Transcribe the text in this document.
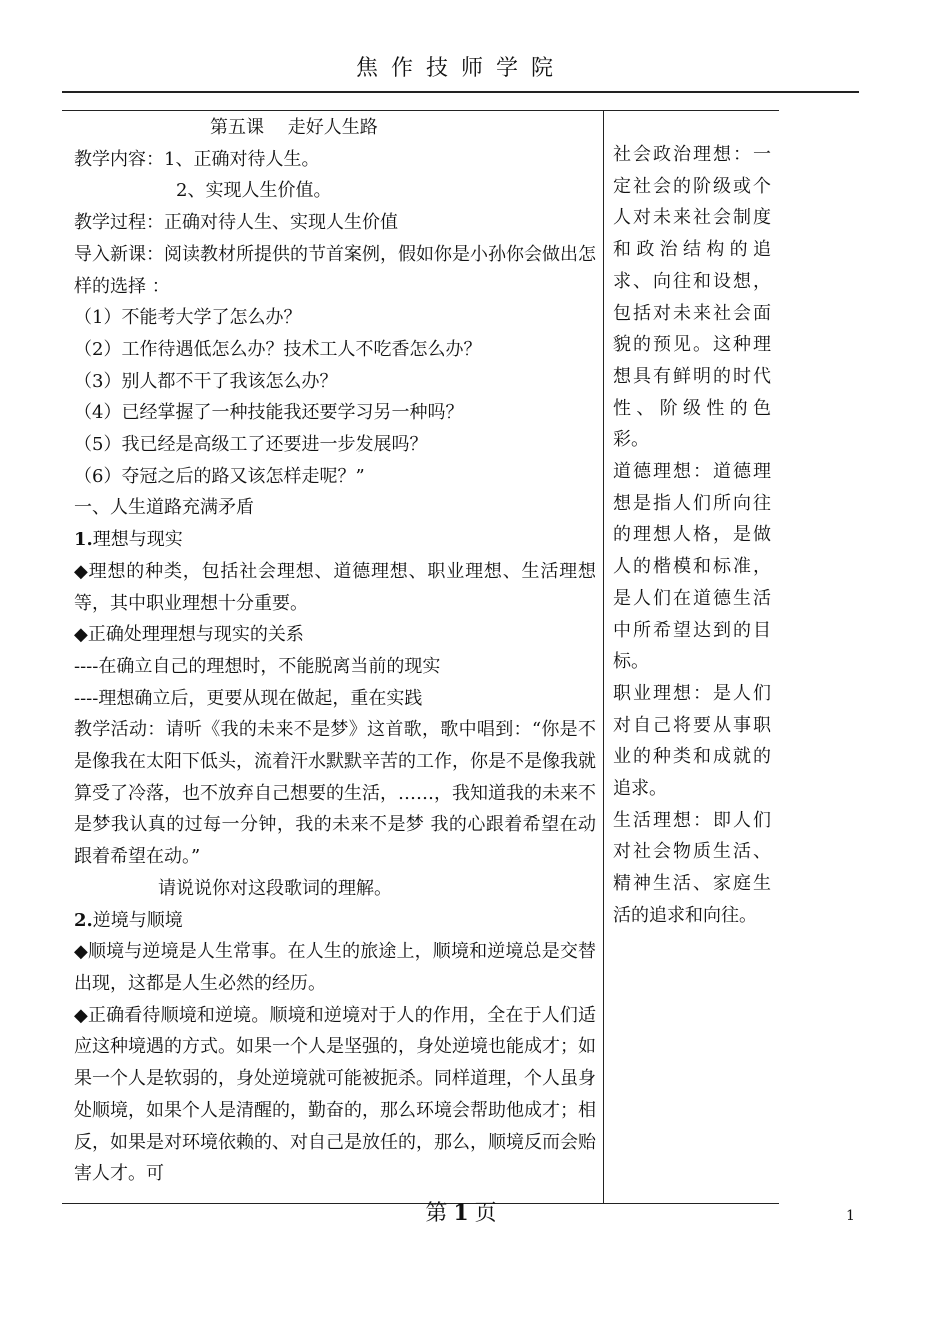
焦作技师学院

第五课　 走好人生路

教学内容：1、正确对待人生。

2、实现人生价值。

教学过程：正确对待人生、实现人生价值

导入新课：阅读教材所提供的节首案例，假如你是小孙你会做出怎样的选择 ：

（1）不能考大学了怎么办？

（2）工作待遇低怎么办？技术工人不吃香怎么办？

（3）别人都不干了我该怎么办？

（4）已经掌握了一种技能我还要学习另一种吗？

（5）我已经是高级工了还要进一步发展吗？

（6）夺冠之后的路又该怎样走呢？”

一、人生道路充满矛盾

1.理想与现实

◆理想的种类，包括社会理想、道德理想、职业理想、生活理想等，其中职业理想十分重要。

◆正确处理理想与现实的关系

----在确立自己的理想时，不能脱离当前的现实

----理想确立后，更要从现在做起，重在实践

教学活动：请听《我的未来不是梦》这首歌，歌中唱到：“你是不是像我在太阳下低头，流着汗水默默辛苦的工作，你是不是像我就算受了冷落，也不放弃自己想要的生活，……，我知道我的未来不是梦我认真的过每一分钟，我的未来不是梦 我的心跟着希望在动 跟着希望在动。”

请说说你对这段歌词的理解。

2.逆境与顺境

◆顺境与逆境是人生常事。在人生的旅途上，顺境和逆境总是交替出现，这都是人生必然的经历。

◆正确看待顺境和逆境。顺境和逆境对于人的作用，全在于人们适应这种境遇的方式。如果一个人是坚强的，身处逆境也能成才；如果一个人是软弱的，身处逆境就可能被扼杀。同样道理，个人虽身处顺境，如果个人是清醒的，勤奋的，那么环境会帮助他成才；相反，如果是对环境依赖的、对自己是放任的，那么，顺境反而会贻害人才。可

社会政治理想：一定社会的阶级或个人对未来社会制度和政治结构的追求、向往和设想，包括对未来社会面貌的预见。这种理想具有鲜明的时代性、阶级性的色彩。

道德理想：道德理想是指人们所向往的理想人格，是做人的楷模和标准，是人们在道德生活中所希望达到的目标。

职业理想：是人们对自己将要从事职业的种类和成就的追求。

生活理想：即人们对社会物质生活、精神生活、家庭生活的追求和向往。

第 1 页	1
